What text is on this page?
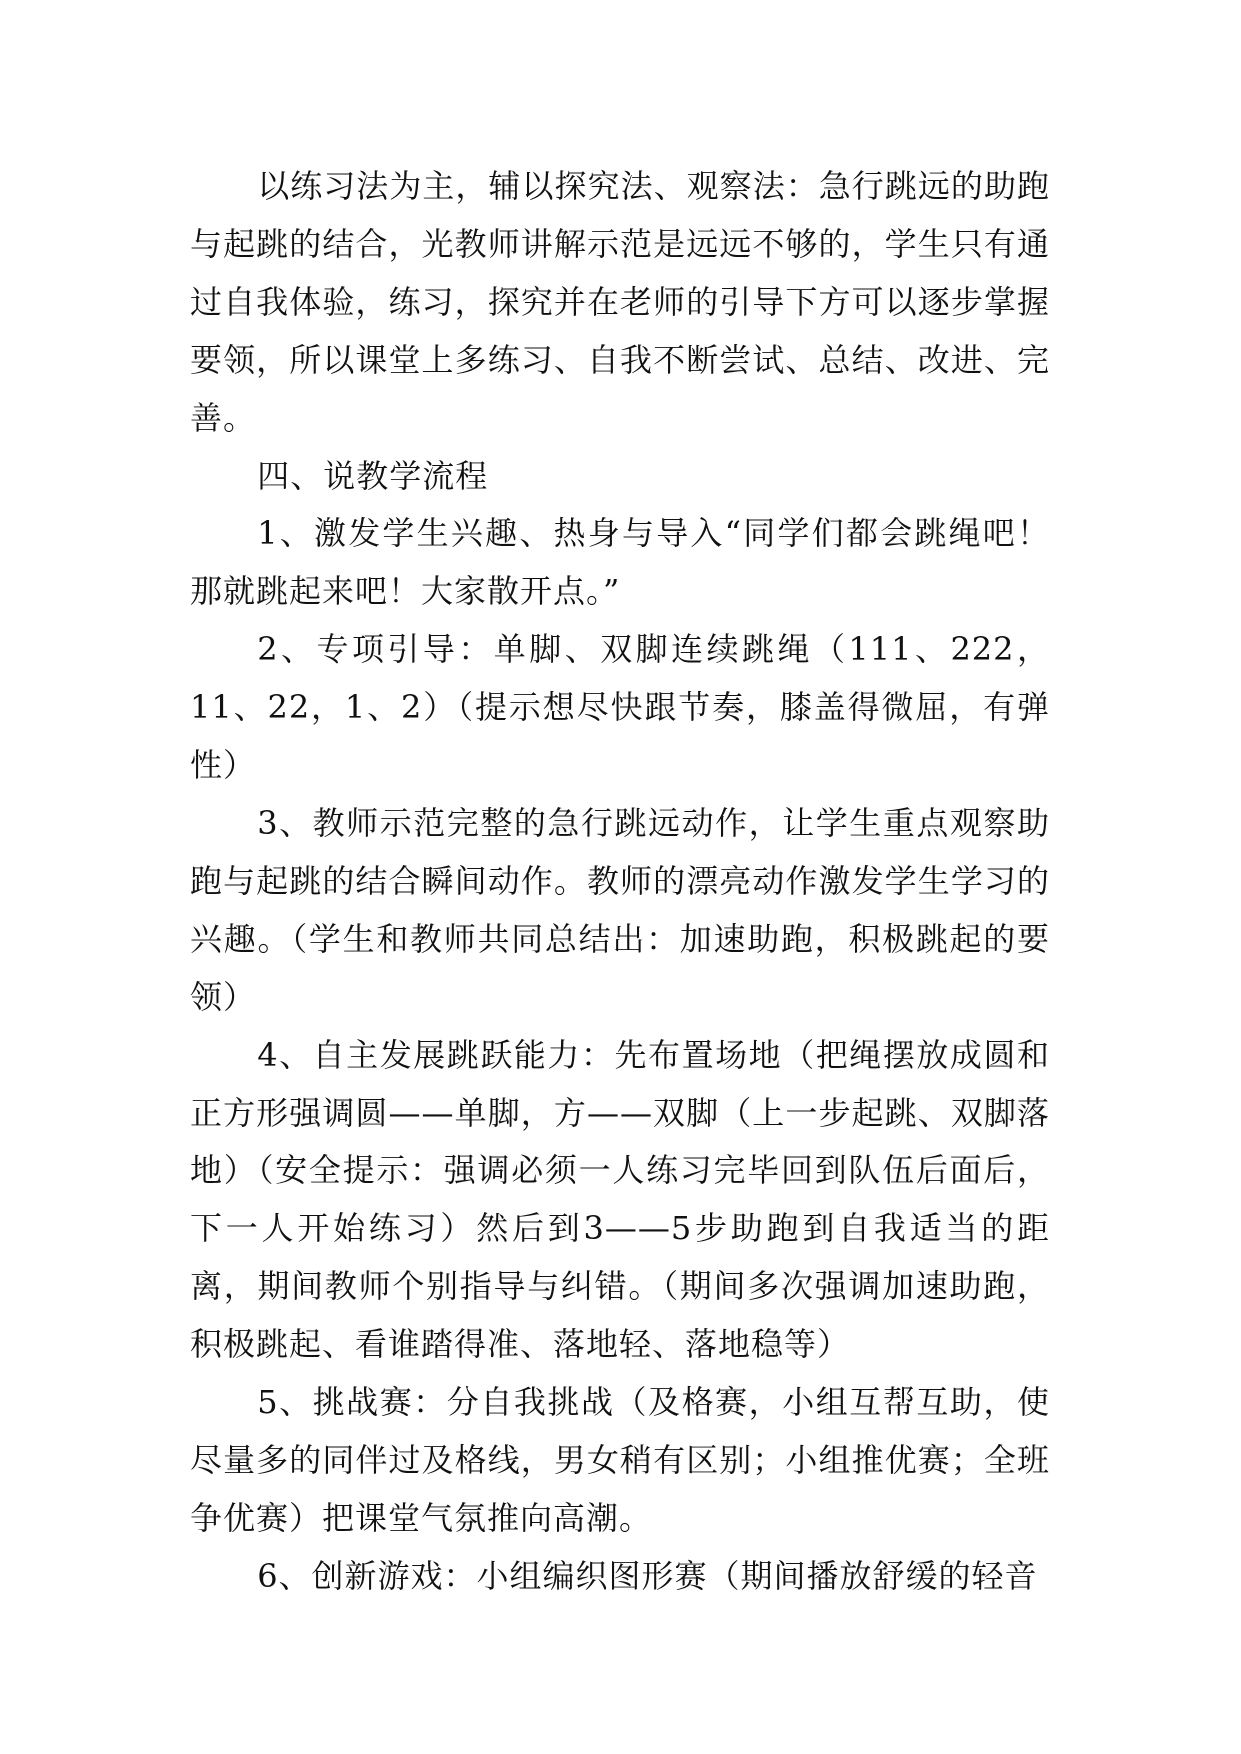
以练习法为主，辅以探究法、观察法：急行跳远的助跑与起跳的结合，光教师讲解示范是远远不够的，学生只有通过自我体验，练习，探究并在老师的引导下方可以逐步掌握要领，所以课堂上多练习、自我不断尝试、总结、改进、完善。

四、说教学流程

1、激发学生兴趣、热身与导入“同学们都会跳绳吧！那就跳起来吧！大家散开点。”

2、专项引导：单脚、双脚连续跳绳（111、222，11、22，1、2）（提示想尽快跟节奏，膝盖得微屈，有弹性）

3、教师示范完整的急行跳远动作，让学生重点观察助跑与起跳的结合瞬间动作。教师的漂亮动作激发学生学习的兴趣。（学生和教师共同总结出：加速助跑，积极跳起的要领）

4、自主发展跳跃能力：先布置场地（把绳摆放成圆和正方形强调圆——单脚，方——双脚（上一步起跳、双脚落地）（安全提示：强调必须一人练习完毕回到队伍后面后，下一人开始练习）然后到3——5步助跑到自我适当的距离，期间教师个别指导与纠错。（期间多次强调加速助跑，积极跳起、看谁踏得准、落地轻、落地稳等）

5、挑战赛：分自我挑战（及格赛，小组互帮互助，使尽量多的同伴过及格线，男女稍有区别；小组推优赛；全班争优赛）把课堂气氛推向高潮。

6、创新游戏：小组编织图形赛（期间播放舒缓的轻音
